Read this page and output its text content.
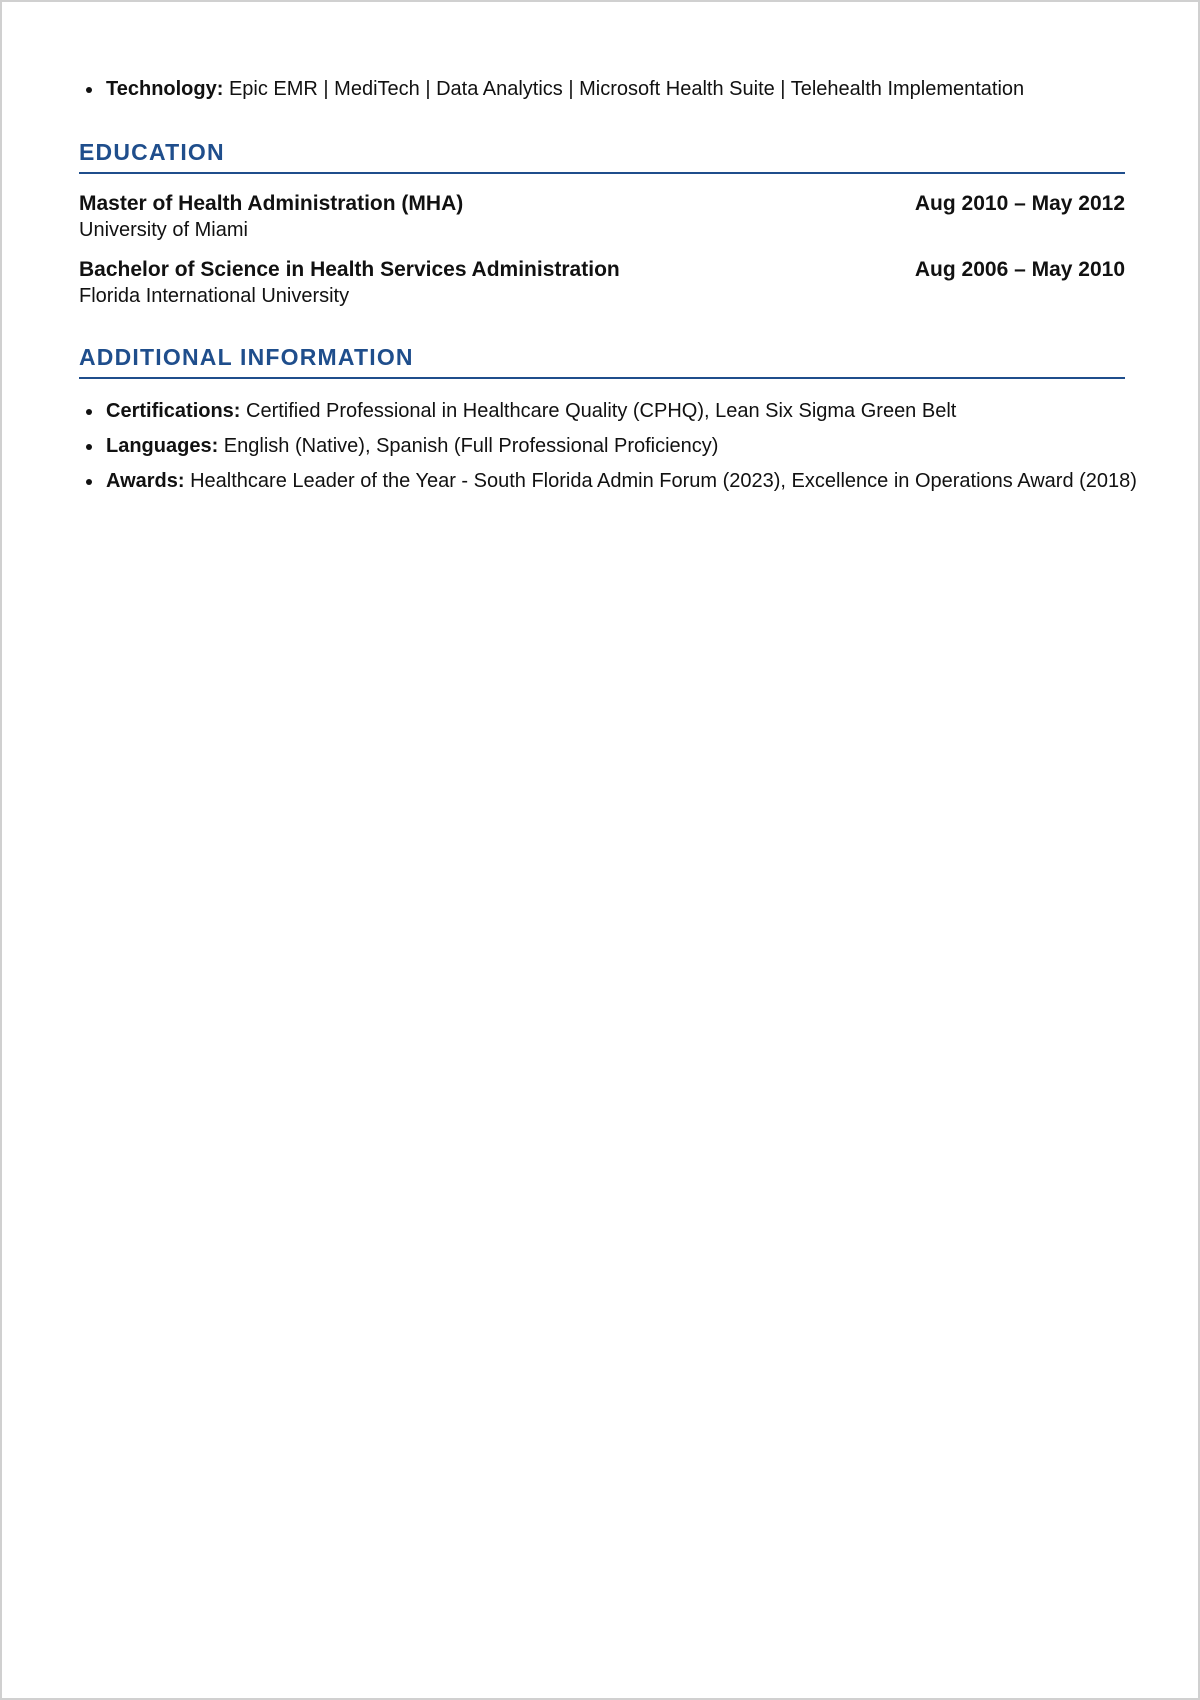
Technology: Epic EMR | MediTech | Data Analytics | Microsoft Health Suite | Telehealth Implementation
EDUCATION
Master of Health Administration (MHA)	Aug 2010 – May 2012
University of Miami
Bachelor of Science in Health Services Administration	Aug 2006 – May 2010
Florida International University
ADDITIONAL INFORMATION
Certifications: Certified Professional in Healthcare Quality (CPHQ), Lean Six Sigma Green Belt
Languages: English (Native), Spanish (Full Professional Proficiency)
Awards: Healthcare Leader of the Year - South Florida Admin Forum (2023), Excellence in Operations Award (2018)
